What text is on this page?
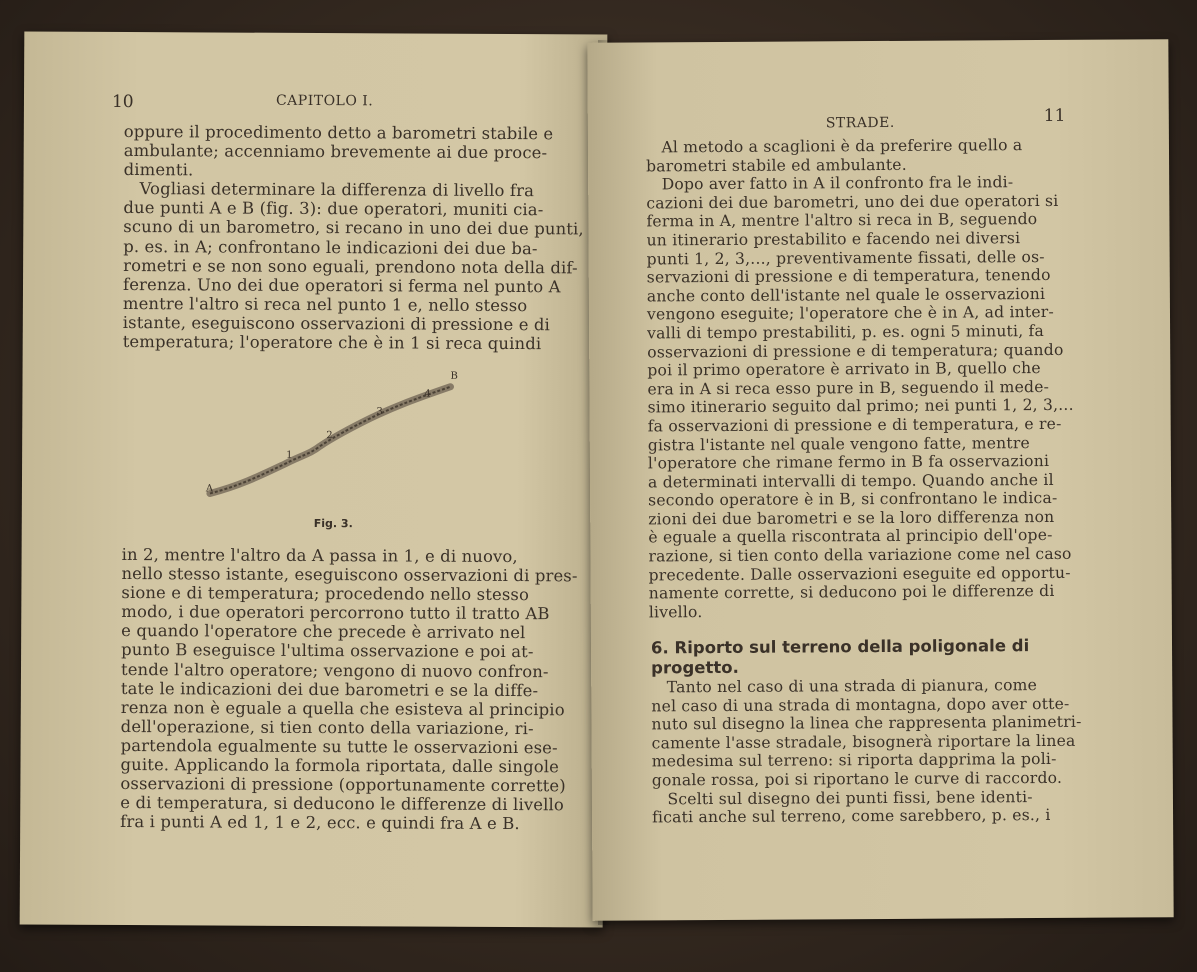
10	CAPITOLO I.
oppure il procedimento detto a barometri stabile e
ambulante; accenniamo brevemente ai due proce-
dimenti.
Vogliasi determinare la differenza di livello fra
due punti A e B (fig. 3): due operatori, muniti cia-
scuno di un barometro, si recano in uno dei due punti,
p. es. in A; confrontano le indicazioni dei due ba-
rometri e se non sono eguali, prendono nota della dif-
ferenza. Uno dei due operatori si ferma nel punto A
mentre l'altro si reca nel punto 1 e, nello stesso
istante, eseguiscono osservazioni di pressione e di
temperatura; l'operatore che è in 1 si reca quindi
A
1
2
3
4
B
Fig. 3.
in 2, mentre l'altro da A passa in 1, e di nuovo,
nello stesso istante, eseguiscono osservazioni di pres-
sione e di temperatura; procedendo nello stesso
modo, i due operatori percorrono tutto il tratto AB
e quando l'operatore che precede è arrivato nel
punto B eseguisce l'ultima osservazione e poi at-
tende l'altro operatore; vengono di nuovo confron-
tate le indicazioni dei due barometri e se la diffe-
renza non è eguale a quella che esisteva al principio
dell'operazione, si tien conto della variazione, ri-
partendola egualmente su tutte le osservazioni ese-
guite. Applicando la formola riportata, dalle singole
osservazioni di pressione (opportunamente corrette)
e di temperatura, si deducono le differenze di livello
fra i punti A ed 1, 1 e 2, ecc. e quindi fra A e B.
STRADE.	11
Al metodo a scaglioni è da preferire quello a
barometri stabile ed ambulante.
Dopo aver fatto in A il confronto fra le indi-
cazioni dei due barometri, uno dei due operatori si
ferma in A, mentre l'altro si reca in B, seguendo
un itinerario prestabilito e facendo nei diversi
punti 1, 2, 3,..., preventivamente fissati, delle os-
servazioni di pressione e di temperatura, tenendo
anche conto dell'istante nel quale le osservazioni
vengono eseguite; l'operatore che è in A, ad inter-
valli di tempo prestabiliti, p. es. ogni 5 minuti, fa
osservazioni di pressione e di temperatura; quando
poi il primo operatore è arrivato in B, quello che
era in A si reca esso pure in B, seguendo il mede-
simo itinerario seguito dal primo; nei punti 1, 2, 3,...
fa osservazioni di pressione e di temperatura, e re-
gistra l'istante nel quale vengono fatte, mentre
l'operatore che rimane fermo in B fa osservazioni
a determinati intervalli di tempo. Quando anche il
secondo operatore è in B, si confrontano le indica-
zioni dei due barometri e se la loro differenza non
è eguale a quella riscontrata al principio dell'ope-
razione, si tien conto della variazione come nel caso
precedente. Dalle osservazioni eseguite ed opportu-
namente corrette, si deducono poi le differenze di
livello.
6. Riporto sul terreno della poligonale di
progetto.
Tanto nel caso di una strada di pianura, come
nel caso di una strada di montagna, dopo aver otte-
nuto sul disegno la linea che rappresenta planimetri-
camente l'asse stradale, bisognerà riportare la linea
medesima sul terreno: si riporta dapprima la poli-
gonale rossa, poi si riportano le curve di raccordo.
Scelti sul disegno dei punti fissi, bene identi-
ficati anche sul terreno, come sarebbero, p. es., i
